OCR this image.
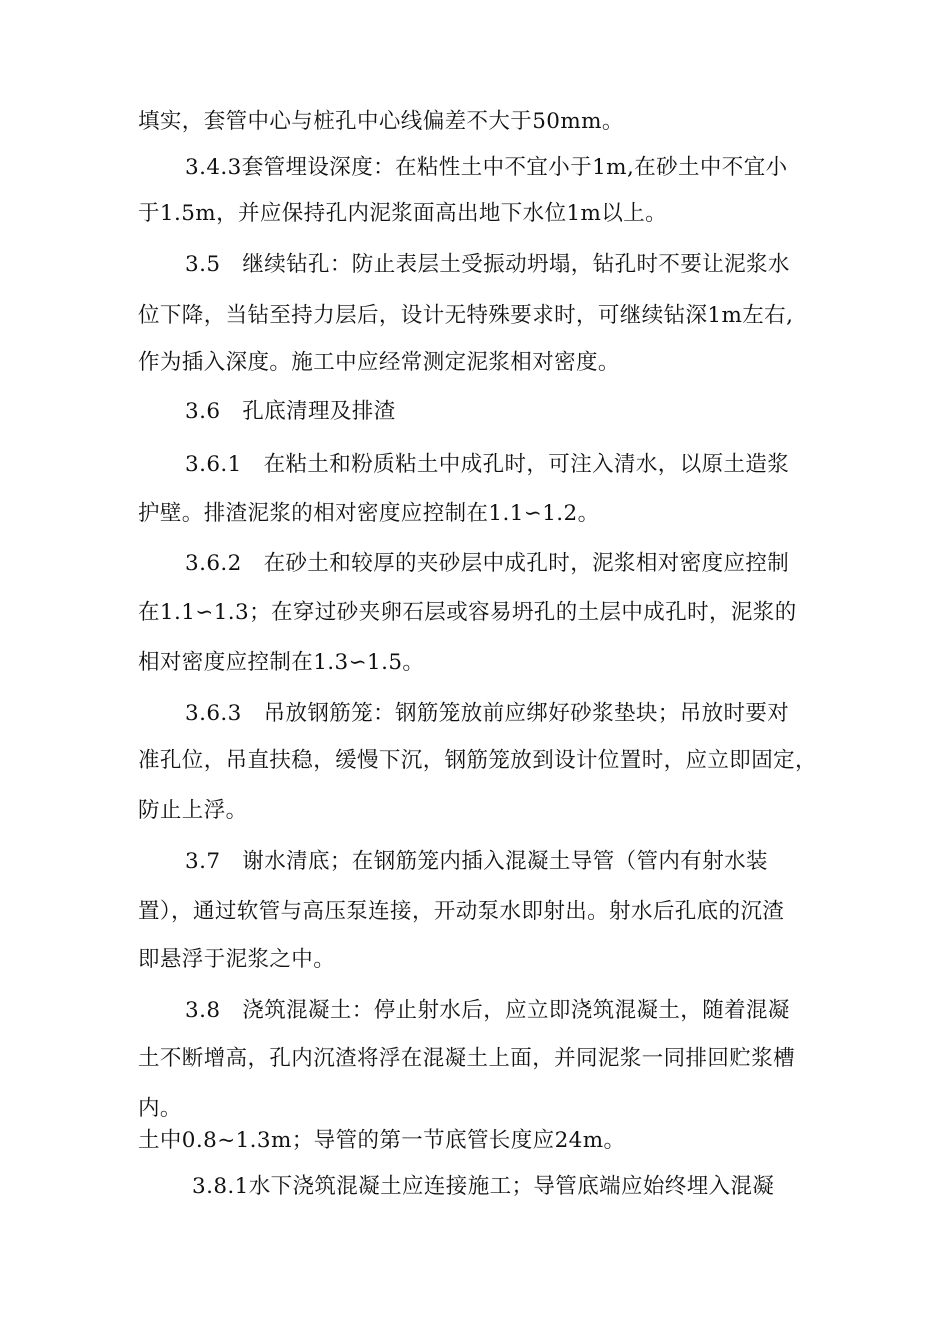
填实，套管中心与桩孔中心线偏差不大于50mm。
3.4.3套管埋设深度：在粘性土中不宜小于1m,在砂土中不宜小
于1.5m，并应保持孔内泥浆面高出地下水位1m以上。
3.5　继续钻孔：防止表层土受振动坍塌，钻孔时不要让泥浆水
位下降，当钻至持力层后，设计无特殊要求时，可继续钻深1m左右,
作为插入深度。施工中应经常测定泥浆相对密度。
3.6　孔底清理及排渣
3.6.1　在粘土和粉质粘土中成孔时，可注入清水，以原土造浆
护壁。排渣泥浆的相对密度应控制在1.1∽1.2。
3.6.2　在砂土和较厚的夹砂层中成孔时，泥浆相对密度应控制
在1.1∽1.3；在穿过砂夹卵石层或容易坍孔的土层中成孔时，泥浆的
相对密度应控制在1.3∽1.5。
3.6.3　吊放钢筋笼：钢筋笼放前应绑好砂浆垫块；吊放时要对
准孔位，吊直扶稳，缓慢下沉，钢筋笼放到设计位置时，应立即固定，
防止上浮。
3.7　谢水清底；在钢筋笼内插入混凝土导管（管内有射水装
置），通过软管与高压泵连接，开动泵水即射出。射水后孔底的沉渣
即悬浮于泥浆之中。
3.8　浇筑混凝土：停止射水后，应立即浇筑混凝土，随着混凝
土不断增高，孔内沉渣将浮在混凝土上面，并同泥浆一同排回贮浆槽
内。
土中0.8~1.3m；导管的第一节底管长度应24m。
3.8.1水下浇筑混凝土应连接施工；导管底端应始终埋入混凝
